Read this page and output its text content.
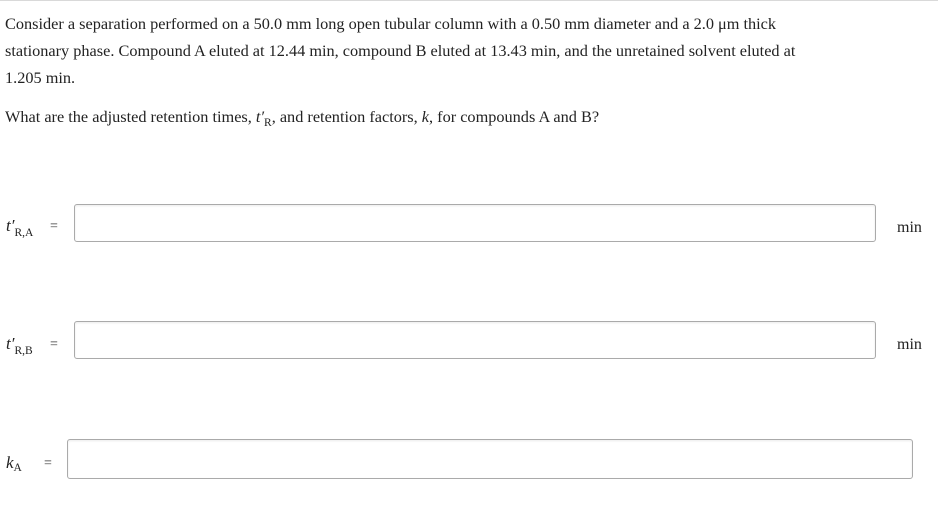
Consider a separation performed on a 50.0 mm long open tubular column with a 0.50 mm diameter and a 2.0 μm thick
stationary phase. Compound A eluted at 12.44 min, compound B eluted at 13.43 min, and the unretained solvent eluted at
1.205 min.

What are the adjusted retention times, $t'_R$, and retention factors, k, for compounds A and B?

$t'_{R,A}$ =	min
$t'_{R,B}$ =	min
kA =
